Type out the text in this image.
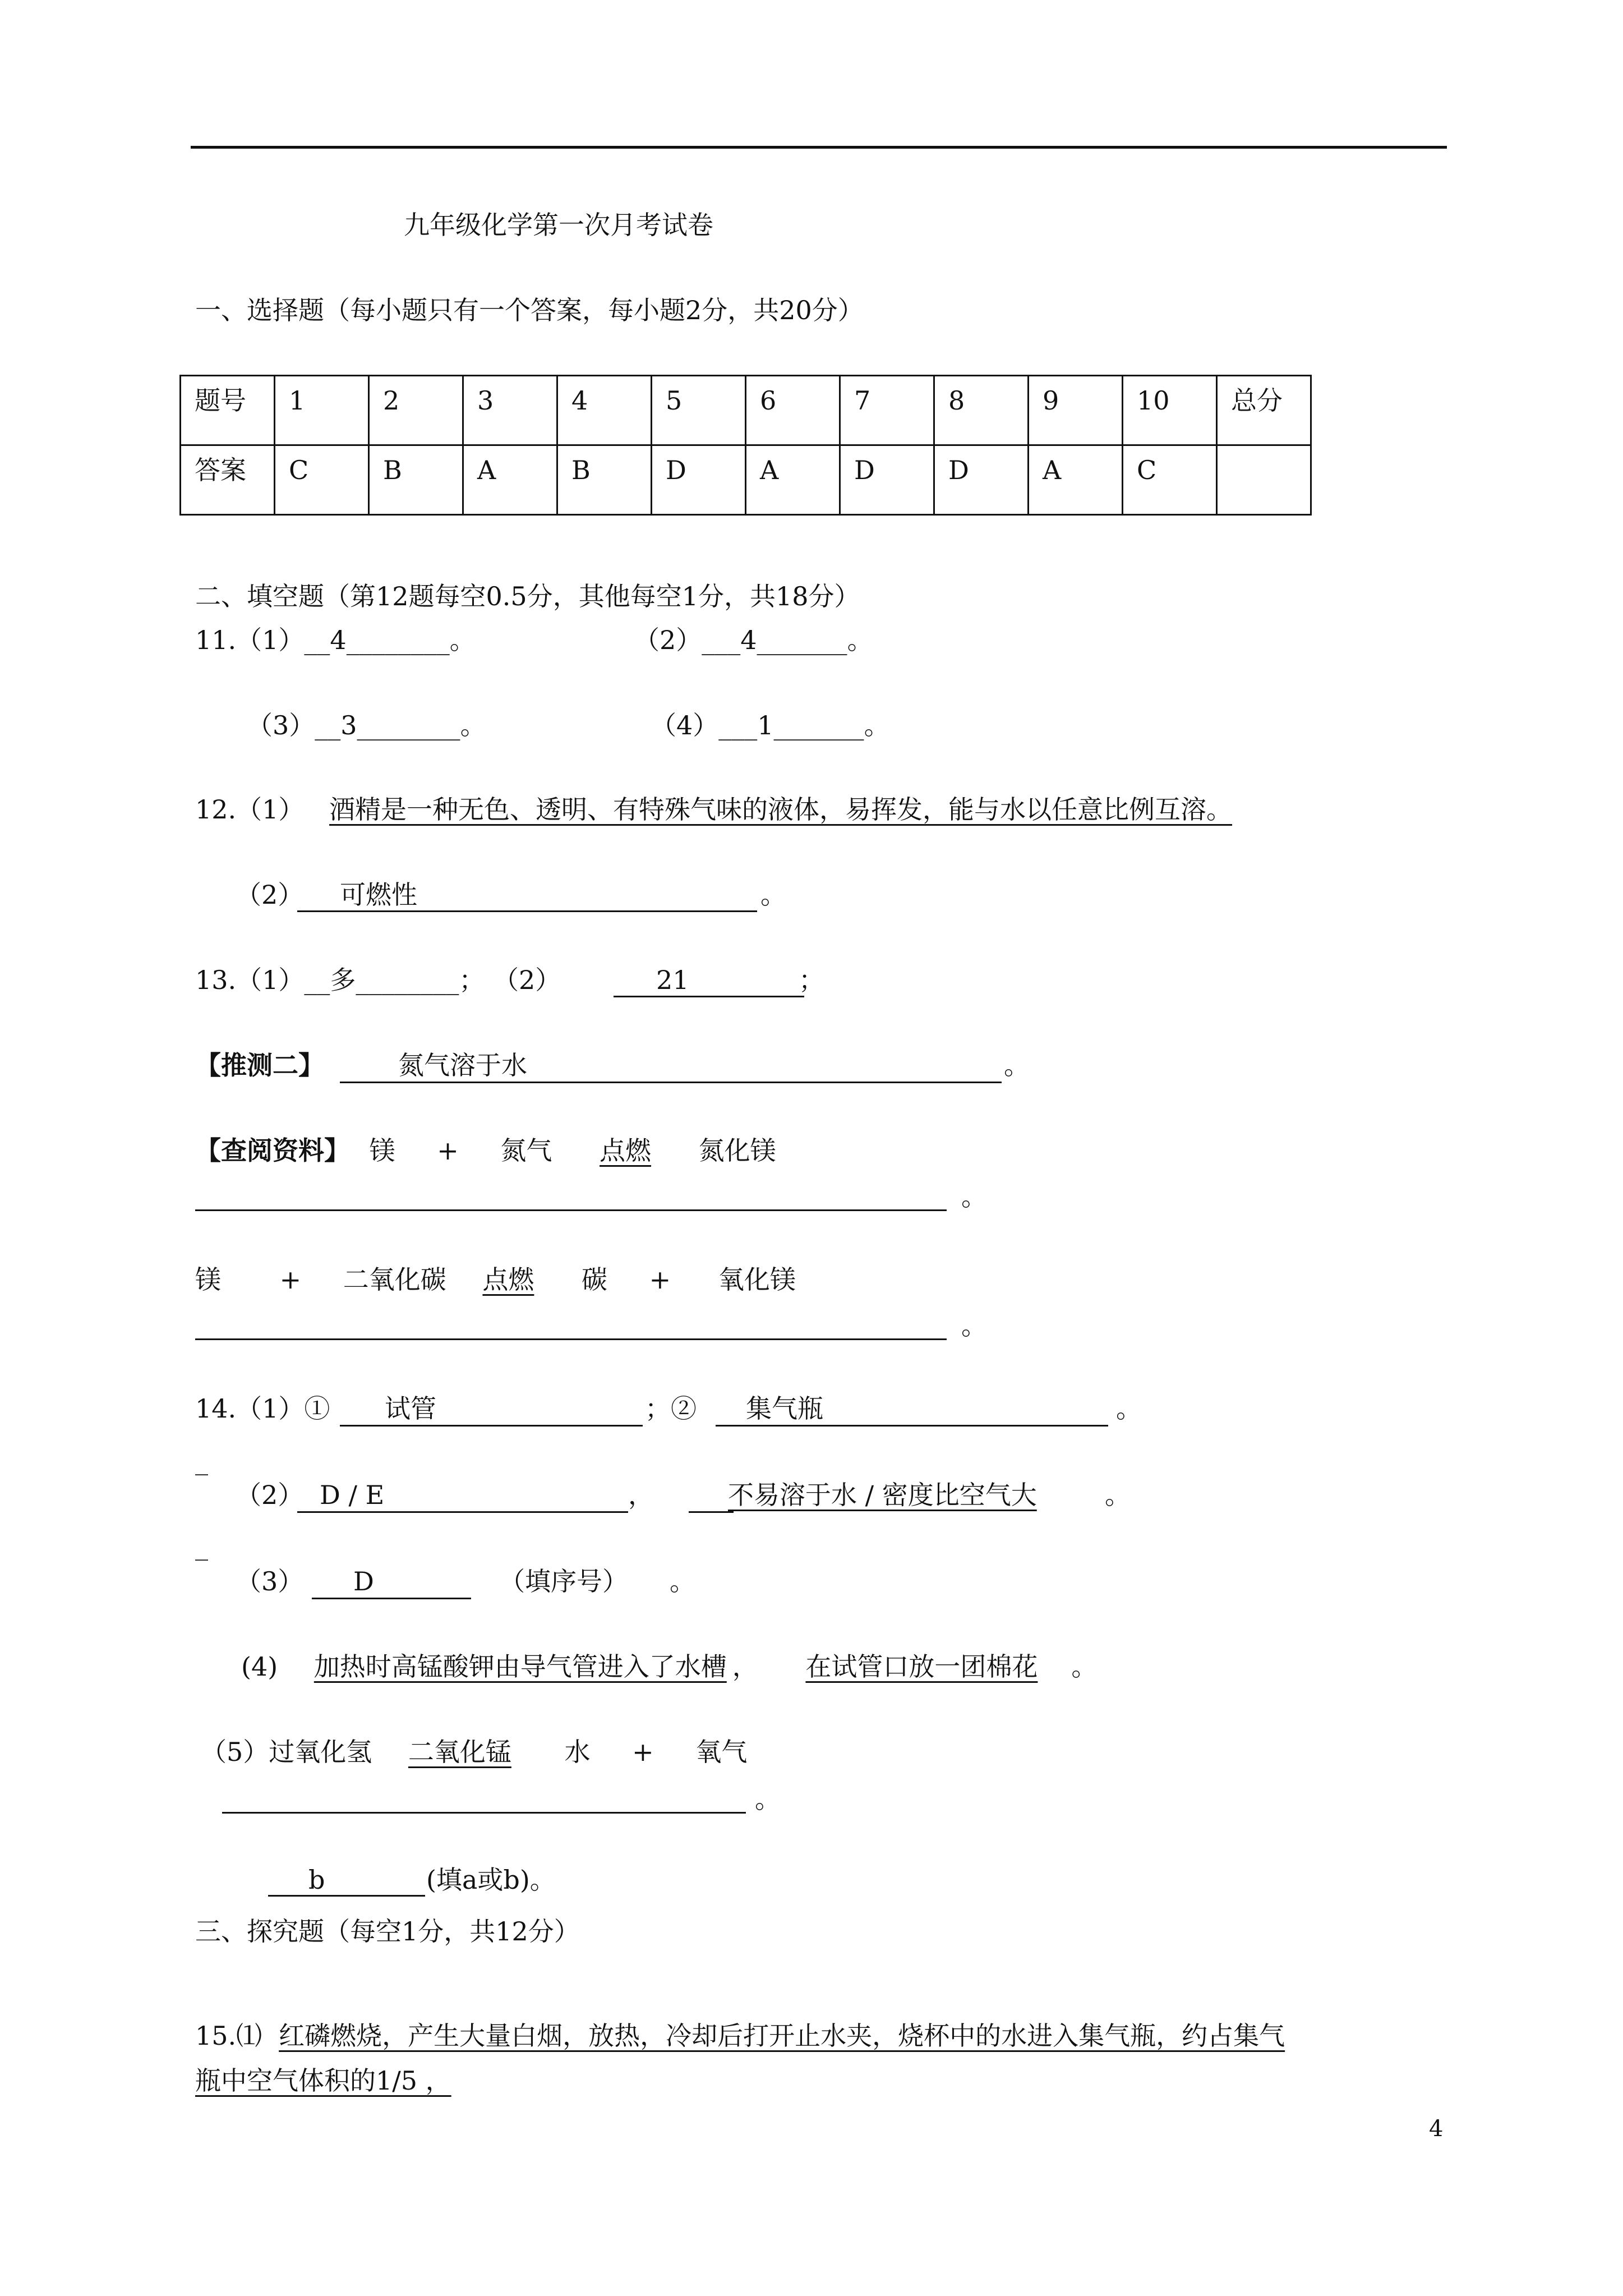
九年级化学第一次月考试卷
一、选择题（每小题只有一个答案，每小题2分，共20分）
题号	1	2	3	4	5	6	7	8	9	10	总分
答案	C	B	A	B	D	A	D	D	A	C	
二、填空题（第12题每空0.5分，其他每空1分，共18分）
11.（1）__4________。	（2）___4_______。
（3）__3________。	（4）___1_______。
12.（1） 酒精是一种无色、透明、有特殊气味的液体，易挥发，能与水以任意比例互溶。
（2） 可燃性	。
13.（1）__多________； （2）	21	；
【推测二】	氮气溶于水	。
【查阅资料】 镁 + 氮气 点燃 氮化镁
。
镁 + 二氧化碳 点燃 碳 + 氧化镁
。
14.（1）① 试管	；② 集气瓶	。
_
（2） D / E	，	不易溶于水 / 密度比空气大	。
_
（3） D	（填序号） 。
(4) 加热时高锰酸钾由导气管进入了水槽 ， 在试管口放一团棉花 。
（5）过氧化氢 二氧化锰 水 + 氧气
。
b	(填a或b)。
三、探究题（每空1分，共12分）
15.⑴ 红磷燃烧，产生大量白烟，放热，冷却后打开止水夹，烧杯中的水进入集气瓶，约占集气
瓶中空气体积的1/5 ，
4
